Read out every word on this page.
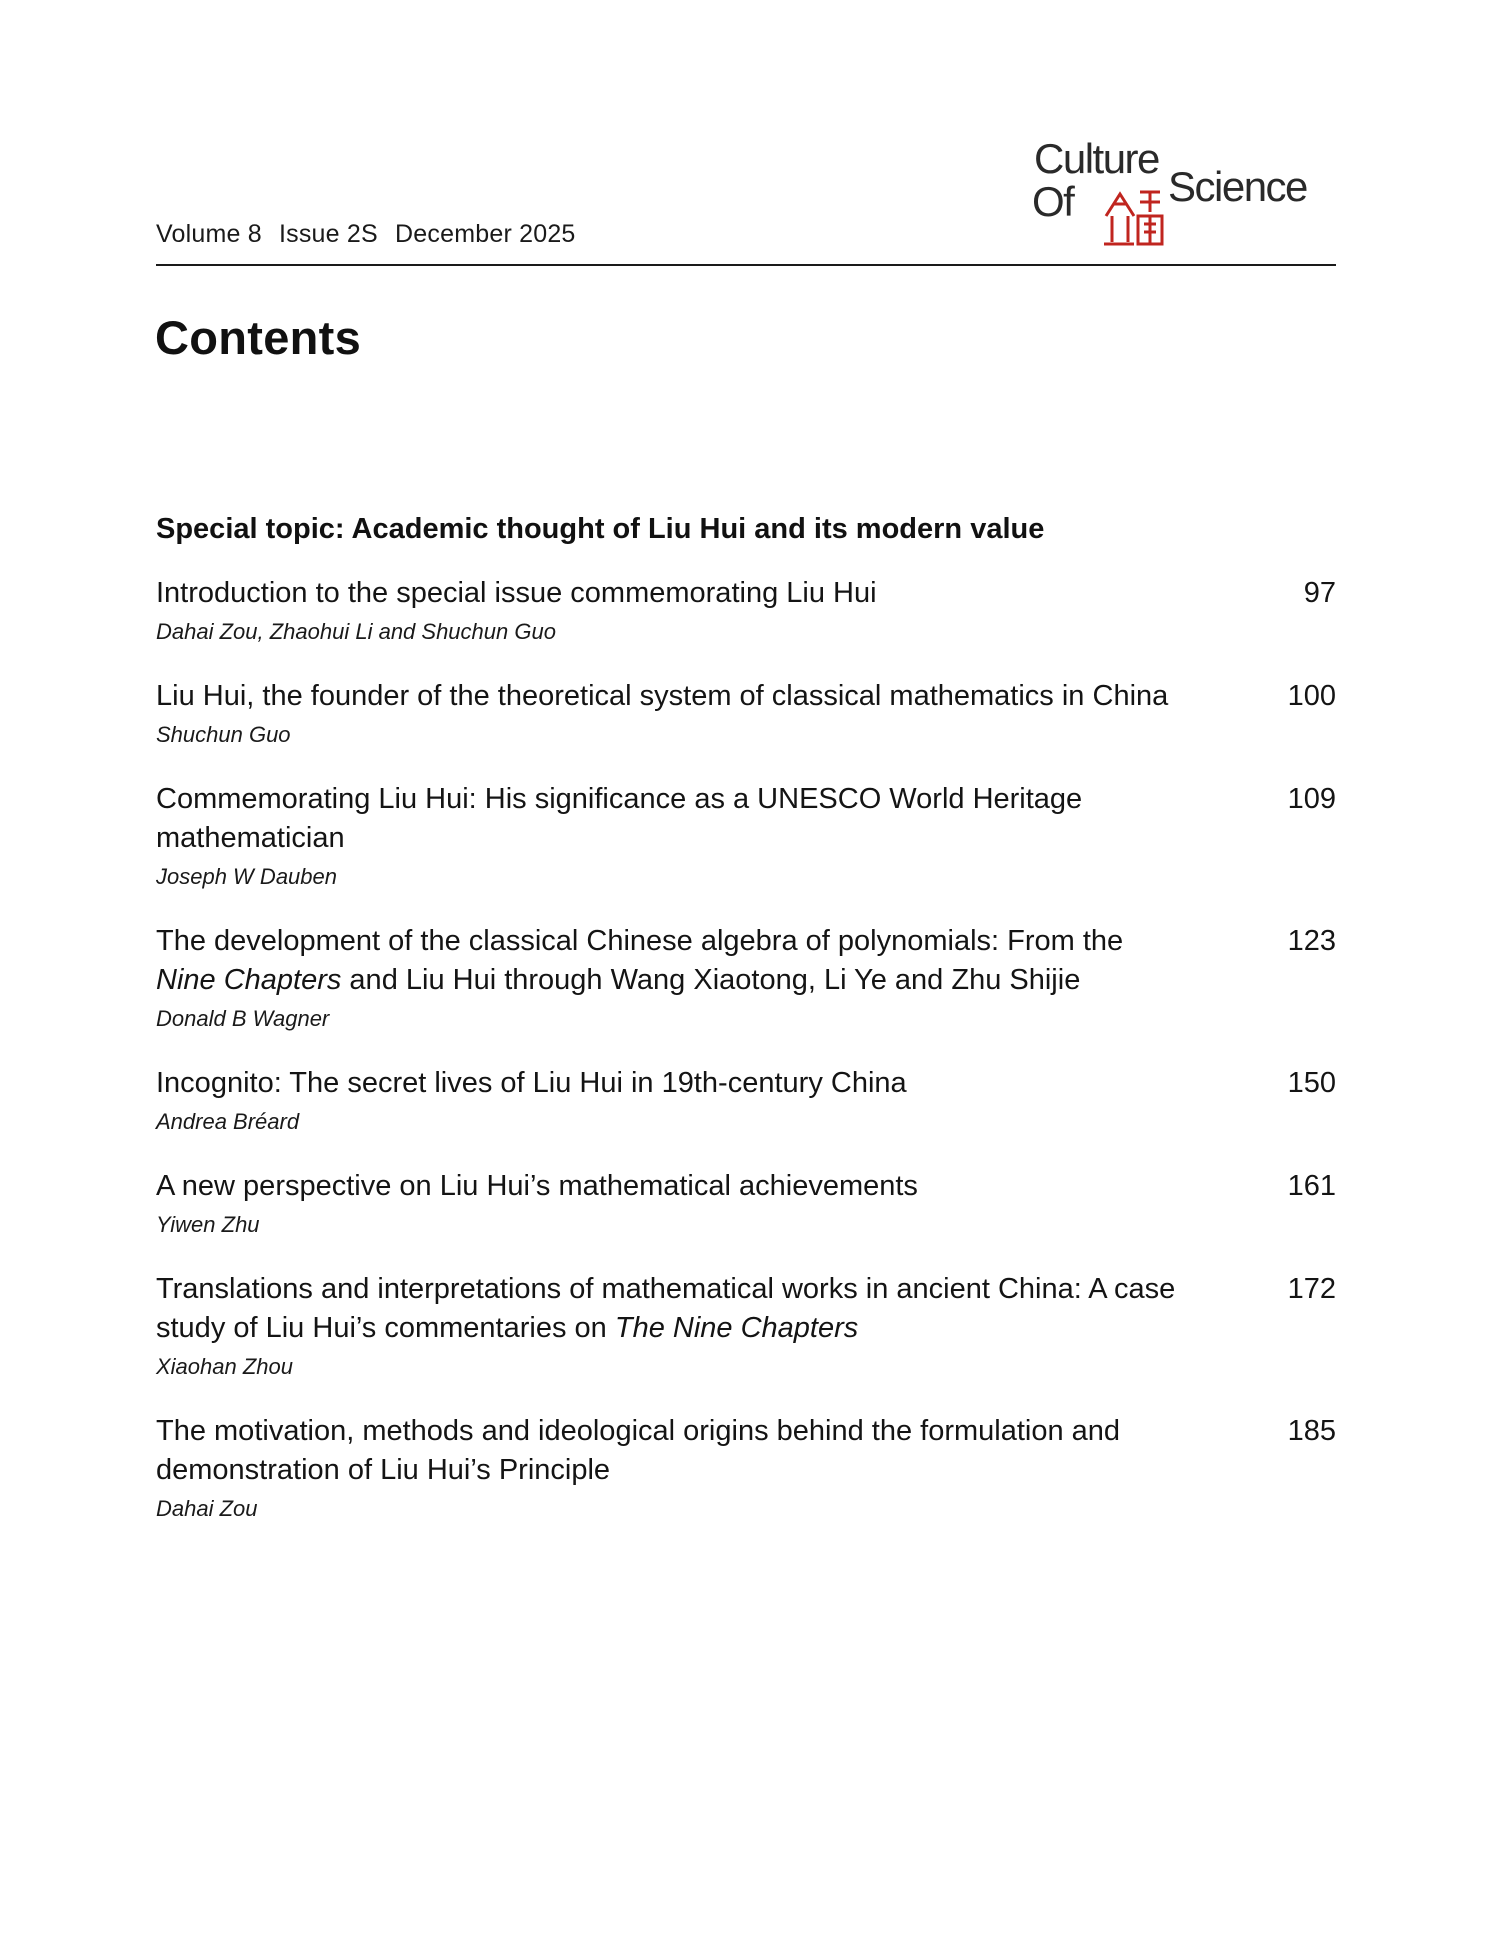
Volume 8 Issue 2S December 2025
Culture
Of Science
Contents
Special topic: Academic thought of Liu Hui and its modern value
Introduction to the special issue commemorating Liu Hui	97
Dahai Zou, Zhaohui Li and Shuchun Guo
Liu Hui, the founder of the theoretical system of classical mathematics in China	100
Shuchun Guo
Commemorating Liu Hui: His significance as a UNESCO World Heritage mathematician
109
Joseph W Dauben
The development of the classical Chinese algebra of polynomials: From the Nine Chapters and Liu Hui through Wang Xiaotong, Li Ye and Zhu Shijie
123
Donald B Wagner
Incognito: The secret lives of Liu Hui in 19th-century China	150
Andrea Bréard
A new perspective on Liu Hui’s mathematical achievements	161
Yiwen Zhu
Translations and interpretations of mathematical works in ancient China: A case study of Liu Hui’s commentaries on The Nine Chapters
172
Xiaohan Zhou
The motivation, methods and ideological origins behind the formulation and demonstration of Liu Hui’s Principle
185
Dahai Zou
